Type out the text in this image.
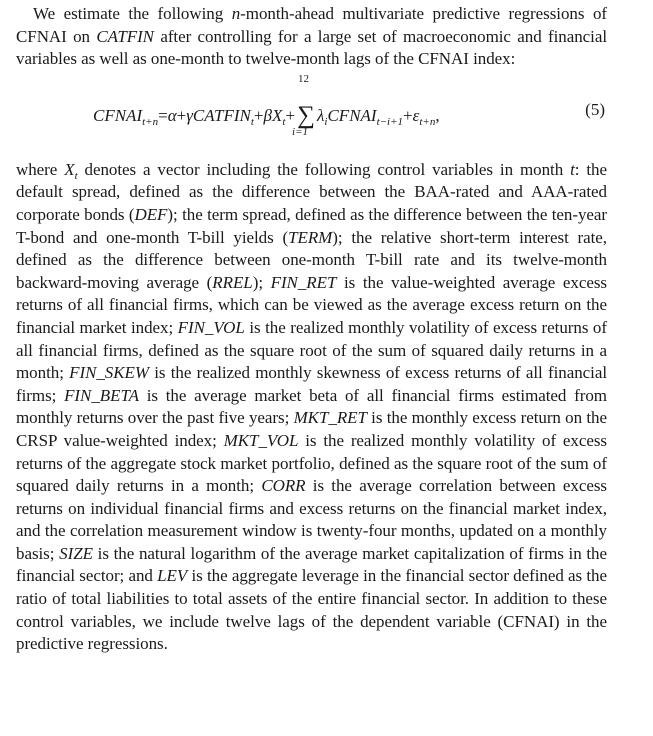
We estimate the following n-month-ahead multivariate predictive regressions of CFNAI on CATFIN after controlling for a large set of macroeconomic and financial variables as well as one-month to twelve-month lags of the CFNAI index:

$CFNAI_{t+n}=\alpha+\gamma CATFIN_t+\beta X_t+$
12
∑
i=1
$\lambda_iCFNAI_{t-i+1}+\varepsilon_{t+n}$,	(5)

where $X_t$ denotes a vector including the following control variables in month t: the default spread, defined as the difference between the BAA-rated and AAA-rated corporate bonds (DEF); the term spread, defined as the difference between the ten-year T-bond and one-month T-bill yields (TERM); the relative short-term interest rate, defined as the difference between one-month T-bill rate and its twelve-month backward-moving average (RREL); FIN_RET is the value-weighted average excess returns of all financial firms, which can be viewed as the average excess return on the financial market index; FIN_VOL is the realized monthly volatility of excess returns of all financial firms, defined as the square root of the sum of squared daily returns in a month; FIN_SKEW is the realized monthly skewness of excess returns of all financial firms; FIN_BETA is the average market beta of all financial firms estimated from monthly returns over the past five years; MKT_RET is the monthly excess return on the CRSP value-weighted index; MKT_VOL is the realized monthly volatility of excess returns of the aggregate stock market portfolio, defined as the square root of the sum of squared daily returns in a month; CORR is the average correlation between excess returns on individual financial firms and excess returns on the financial market index, and the correlation measurement window is twenty-four months, updated on a monthly basis; SIZE is the natural logarithm of the average market capitalization of firms in the financial sector; and LEV is the aggregate leverage in the financial sector defined as the ratio of total liabilities to total assets of the entire financial sector. In addition to these control variables, we include twelve lags of the dependent variable (CFNAI) in the predictive regressions.
